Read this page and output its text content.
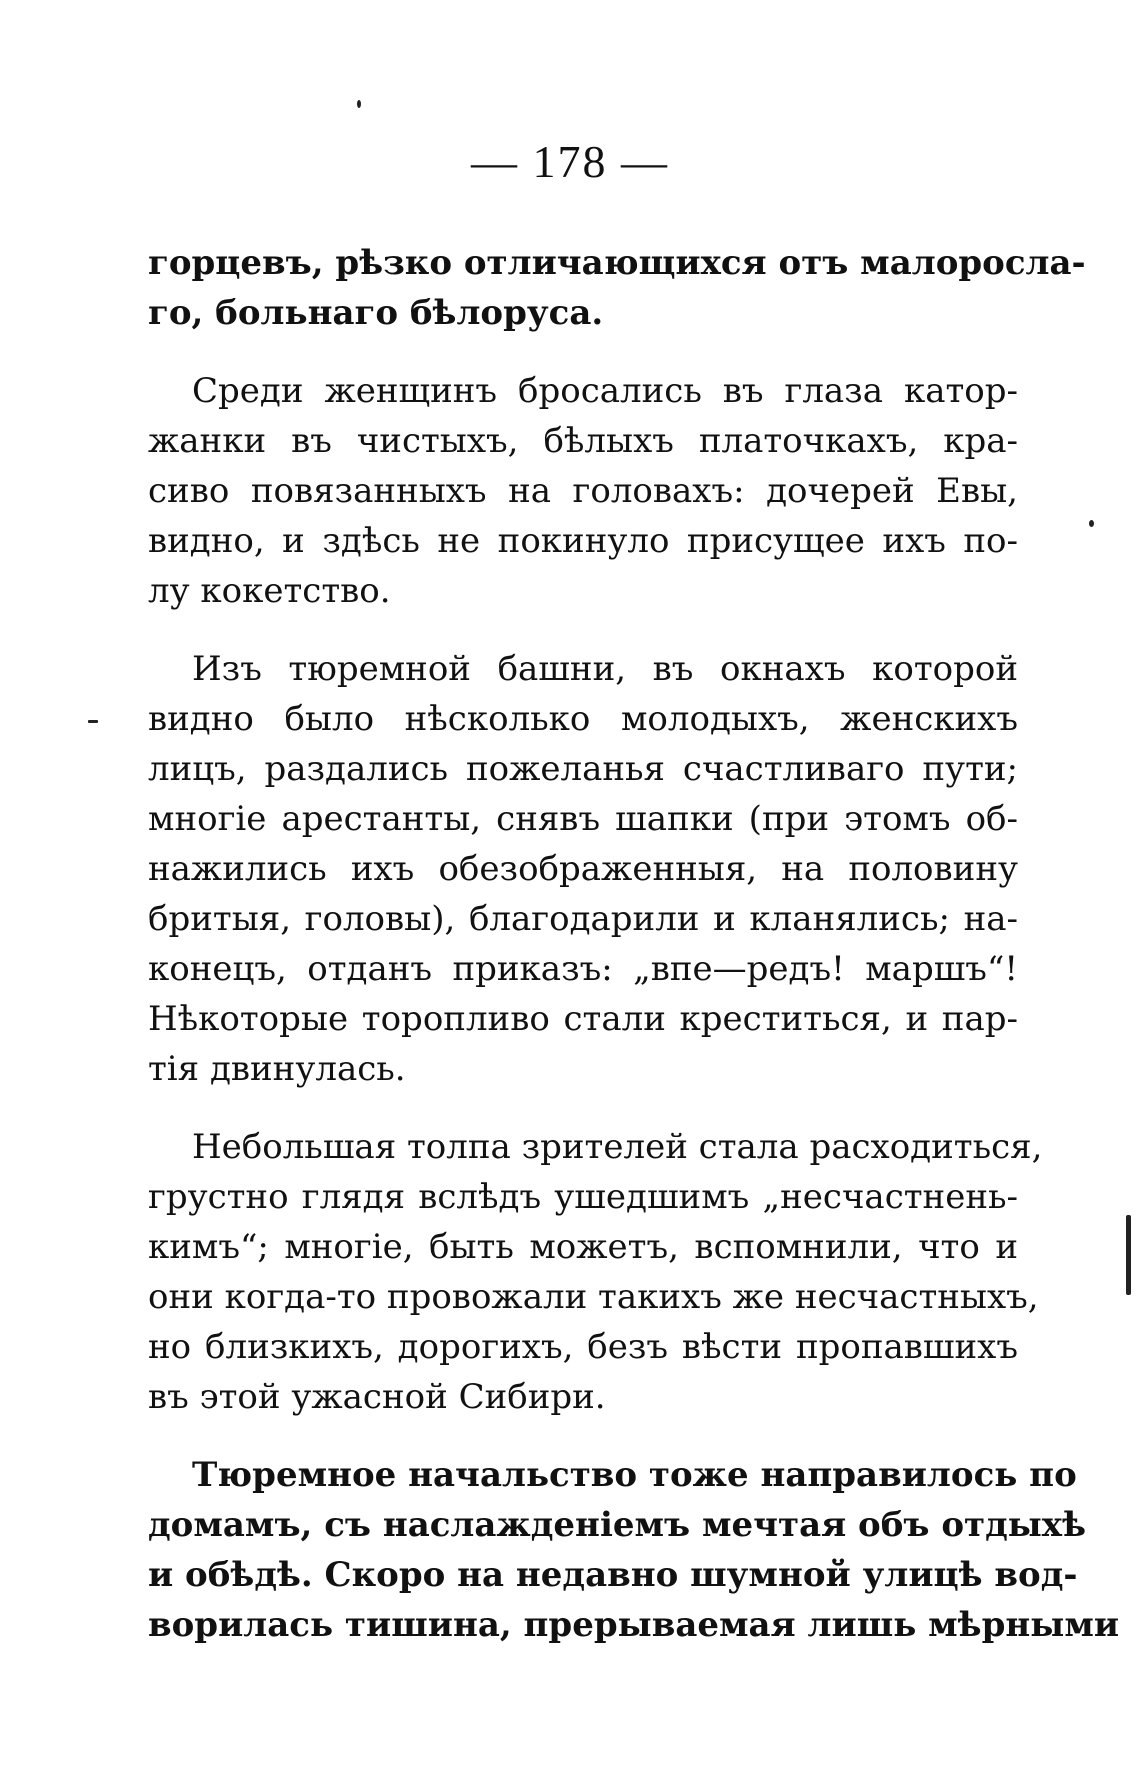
— 178 —
горцевъ, рѣзко отличающихся отъ малоросла-
го, больнаго бѣлоруса.
Среди женщинъ бросались въ глаза катор-
жанки въ чистыхъ, бѣлыхъ платочкахъ, кра-
сиво повязанныхъ на головахъ: дочерей Евы,
видно, и здѣсь не покинуло присущее ихъ по-
лу кокетство.
Изъ тюремной башни, въ окнахъ которой
видно было нѣсколько молодыхъ, женскихъ
лицъ, раздались пожеланья счастливаго пути;
многіе арестанты, снявъ шапки (при этомъ об-
нажились ихъ обезображенныя, на половину
бритыя, головы), благодарили и кланялись; на-
конецъ, отданъ приказъ: „впе—редъ! маршъ“!
Нѣкоторые торопливо стали креститься, и пар-
тія двинулась.
Небольшая толпа зрителей стала расходиться,
грустно глядя вслѣдъ ушедшимъ „несчастнень-
кимъ“; многіе, быть можетъ, вспомнили, что и
они когда-то провожали такихъ же несчастныхъ,
но близкихъ, дорогихъ, безъ вѣсти пропавшихъ
въ этой ужасной Сибири.
Тюремное начальство тоже направилось по
домамъ, съ наслажденіемъ мечтая объ отдыхѣ
и обѣдѣ. Скоро на недавно шумной улицѣ вод-
ворилась тишина, прерываемая лишь мѣрными
